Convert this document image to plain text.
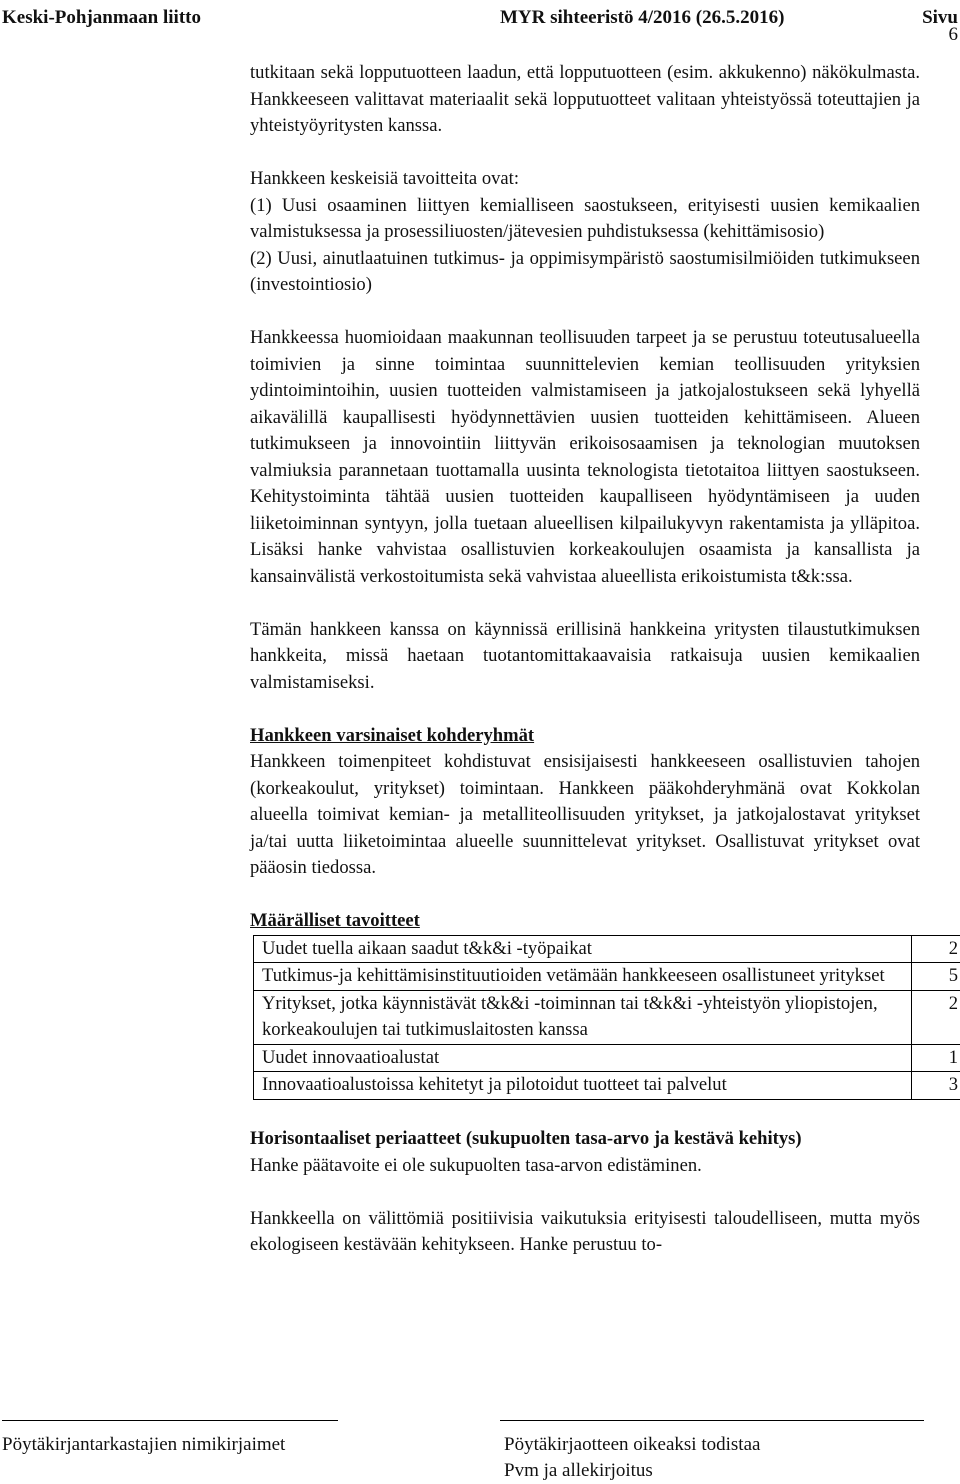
Keski-Pohjanmaan liitto	MYR sihteeristö 4/2016 (26.5.2016)	Sivu
6

tutkitaan sekä lopputuotteen laadun, että lopputuotteen (esim. akkukenno) näkökulmasta. Hankkeeseen valittavat materiaalit sekä lopputuotteet valitaan yhteistyössä toteuttajien ja yhteistyöyritysten kanssa.

Hankkeen keskeisiä tavoitteita ovat:

(1) Uusi osaaminen liittyen kemialliseen saostukseen, erityisesti uusien kemikaalien valmistuksessa ja prosessiliuosten/jätevesien puhdistuksessa (kehittämisosio)

(2) Uusi, ainutlaatuinen tutkimus- ja oppimisympäristö saostumisilmiöiden tutkimukseen (investointiosio)

Hankkeessa huomioidaan maakunnan teollisuuden tarpeet ja se perustuu toteutusalueella toimivien ja sinne toimintaa suunnittelevien kemian teollisuuden yrityksien ydintoimintoihin, uusien tuotteiden valmistamiseen ja jatkojalostukseen sekä lyhyellä aikavälillä kaupallisesti hyödynnettävien uusien tuotteiden kehittämiseen. Alueen tutkimukseen ja innovointiin liittyvän erikoisosaamisen ja teknologian muutoksen valmiuksia parannetaan tuottamalla uusinta teknologista tietotaitoa liittyen saostukseen. Kehitystoiminta tähtää uusien tuotteiden kaupalliseen hyödyntämiseen ja uuden liiketoiminnan syntyyn, jolla tuetaan alueellisen kilpailukyvyn rakentamista ja ylläpitoa. Lisäksi hanke vahvistaa osallistuvien korkeakoulujen osaamista ja kansallista ja kansainvälistä verkostoitumista sekä vahvistaa alueellista erikoistumista t&k:ssa.

Tämän hankkeen kanssa on käynnissä erillisinä hankkeina yritysten tilaustutkimuksen hankkeita, missä haetaan tuotantomittakaavaisia ratkaisuja uusien kemikaalien valmistamiseksi.

Hankkeen varsinaiset kohderyhmät

Hankkeen toimenpiteet kohdistuvat ensisijaisesti hankkeeseen osallistuvien tahojen (korkeakoulut, yritykset) toimintaan. Hankkeen pääkohderyhmänä ovat Kokkolan alueella toimivat kemian- ja metalliteollisuuden yritykset, ja jatkojalostavat yritykset ja/tai uutta liiketoimintaa alueelle suunnittelevat yritykset. Osallistuvat yritykset ovat pääosin tiedossa.

Määrälliset tavoitteet

Uudet tuella aikaan saadut t&k&i -työpaikat	2
Tutkimus-ja kehittämisinstituutioiden vetämään hankkeeseen osallistuneet yritykset	5
Yritykset, jotka käynnistävät t&k&i -toiminnan tai t&k&i -yhteistyön yliopistojen, korkeakoulujen tai tutkimuslaitosten kanssa	2
Uudet innovaatioalustat	1
Innovaatioalustoissa kehitetyt ja pilotoidut tuotteet tai palvelut	3

Horisontaaliset periaatteet (sukupuolten tasa-arvo ja kestävä kehitys)

Hanke päätavoite ei ole sukupuolten tasa-arvon edistäminen.

Hankkeella on välittömiä positiivisia vaikutuksia erityisesti taloudelliseen, mutta myös ekologiseen kestävään kehitykseen. Hanke perustuu to-

Pöytäkirjantarkastajien nimikirjaimet	Pöytäkirjaotteen oikeaksi todistaa
Pvm ja allekirjoitus
